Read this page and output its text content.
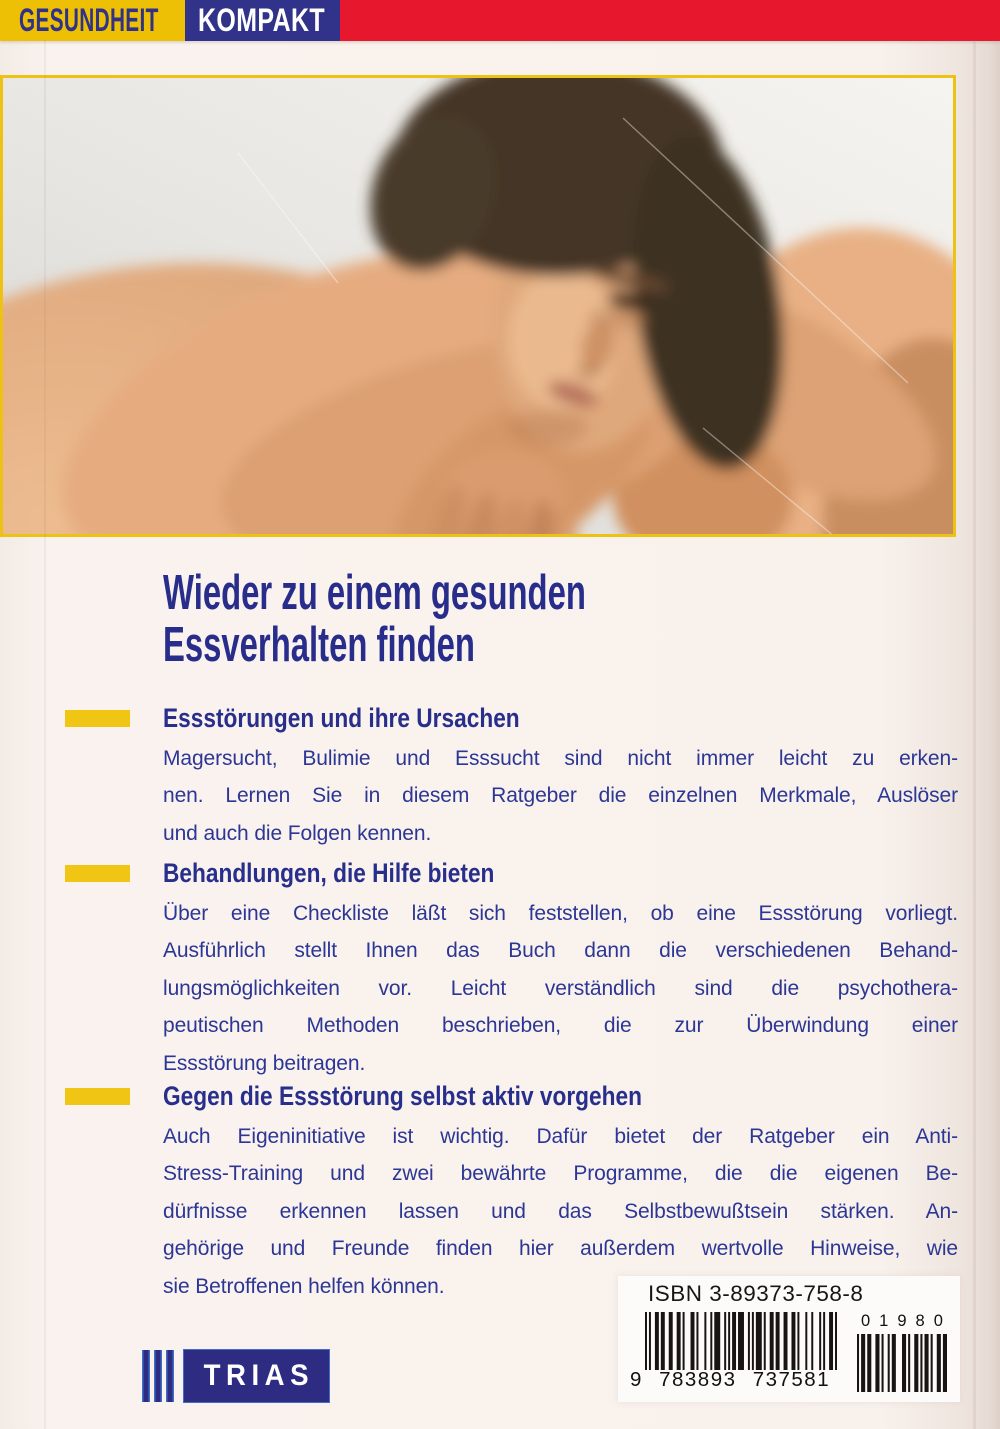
GESUNDHEIT KOMPAKT
Wieder zu einem gesunden
Essverhalten finden
Essstörungen und ihre Ursachen
Magersucht, Bulimie und Esssucht sind nicht immer leicht zu erken-
nen. Lernen Sie in diesem Ratgeber die einzelnen Merkmale, Auslöser
und auch die Folgen kennen.
Behandlungen, die Hilfe bieten
Über eine Checkliste läßt sich feststellen, ob eine Essstörung vorliegt.
Ausführlich stellt Ihnen das Buch dann die verschiedenen Behand-
lungsmöglichkeiten vor. Leicht verständlich sind die psychothera-
peutischen Methoden beschrieben, die zur Überwindung einer
Essstörung beitragen.
Gegen die Essstörung selbst aktiv vorgehen
Auch Eigeninitiative ist wichtig. Dafür bietet der Ratgeber ein Anti-
Stress-Training und zwei bewährte Programme, die die eigenen Be-
dürfnisse erkennen lassen und das Selbstbewußtsein stärken. An-
gehörige und Freunde finden hier außerdem wertvolle Hinweise, wie
sie Betroffenen helfen können.	ISBN 3-89373-758-8
9 783893 737581
01980
TRIAS
